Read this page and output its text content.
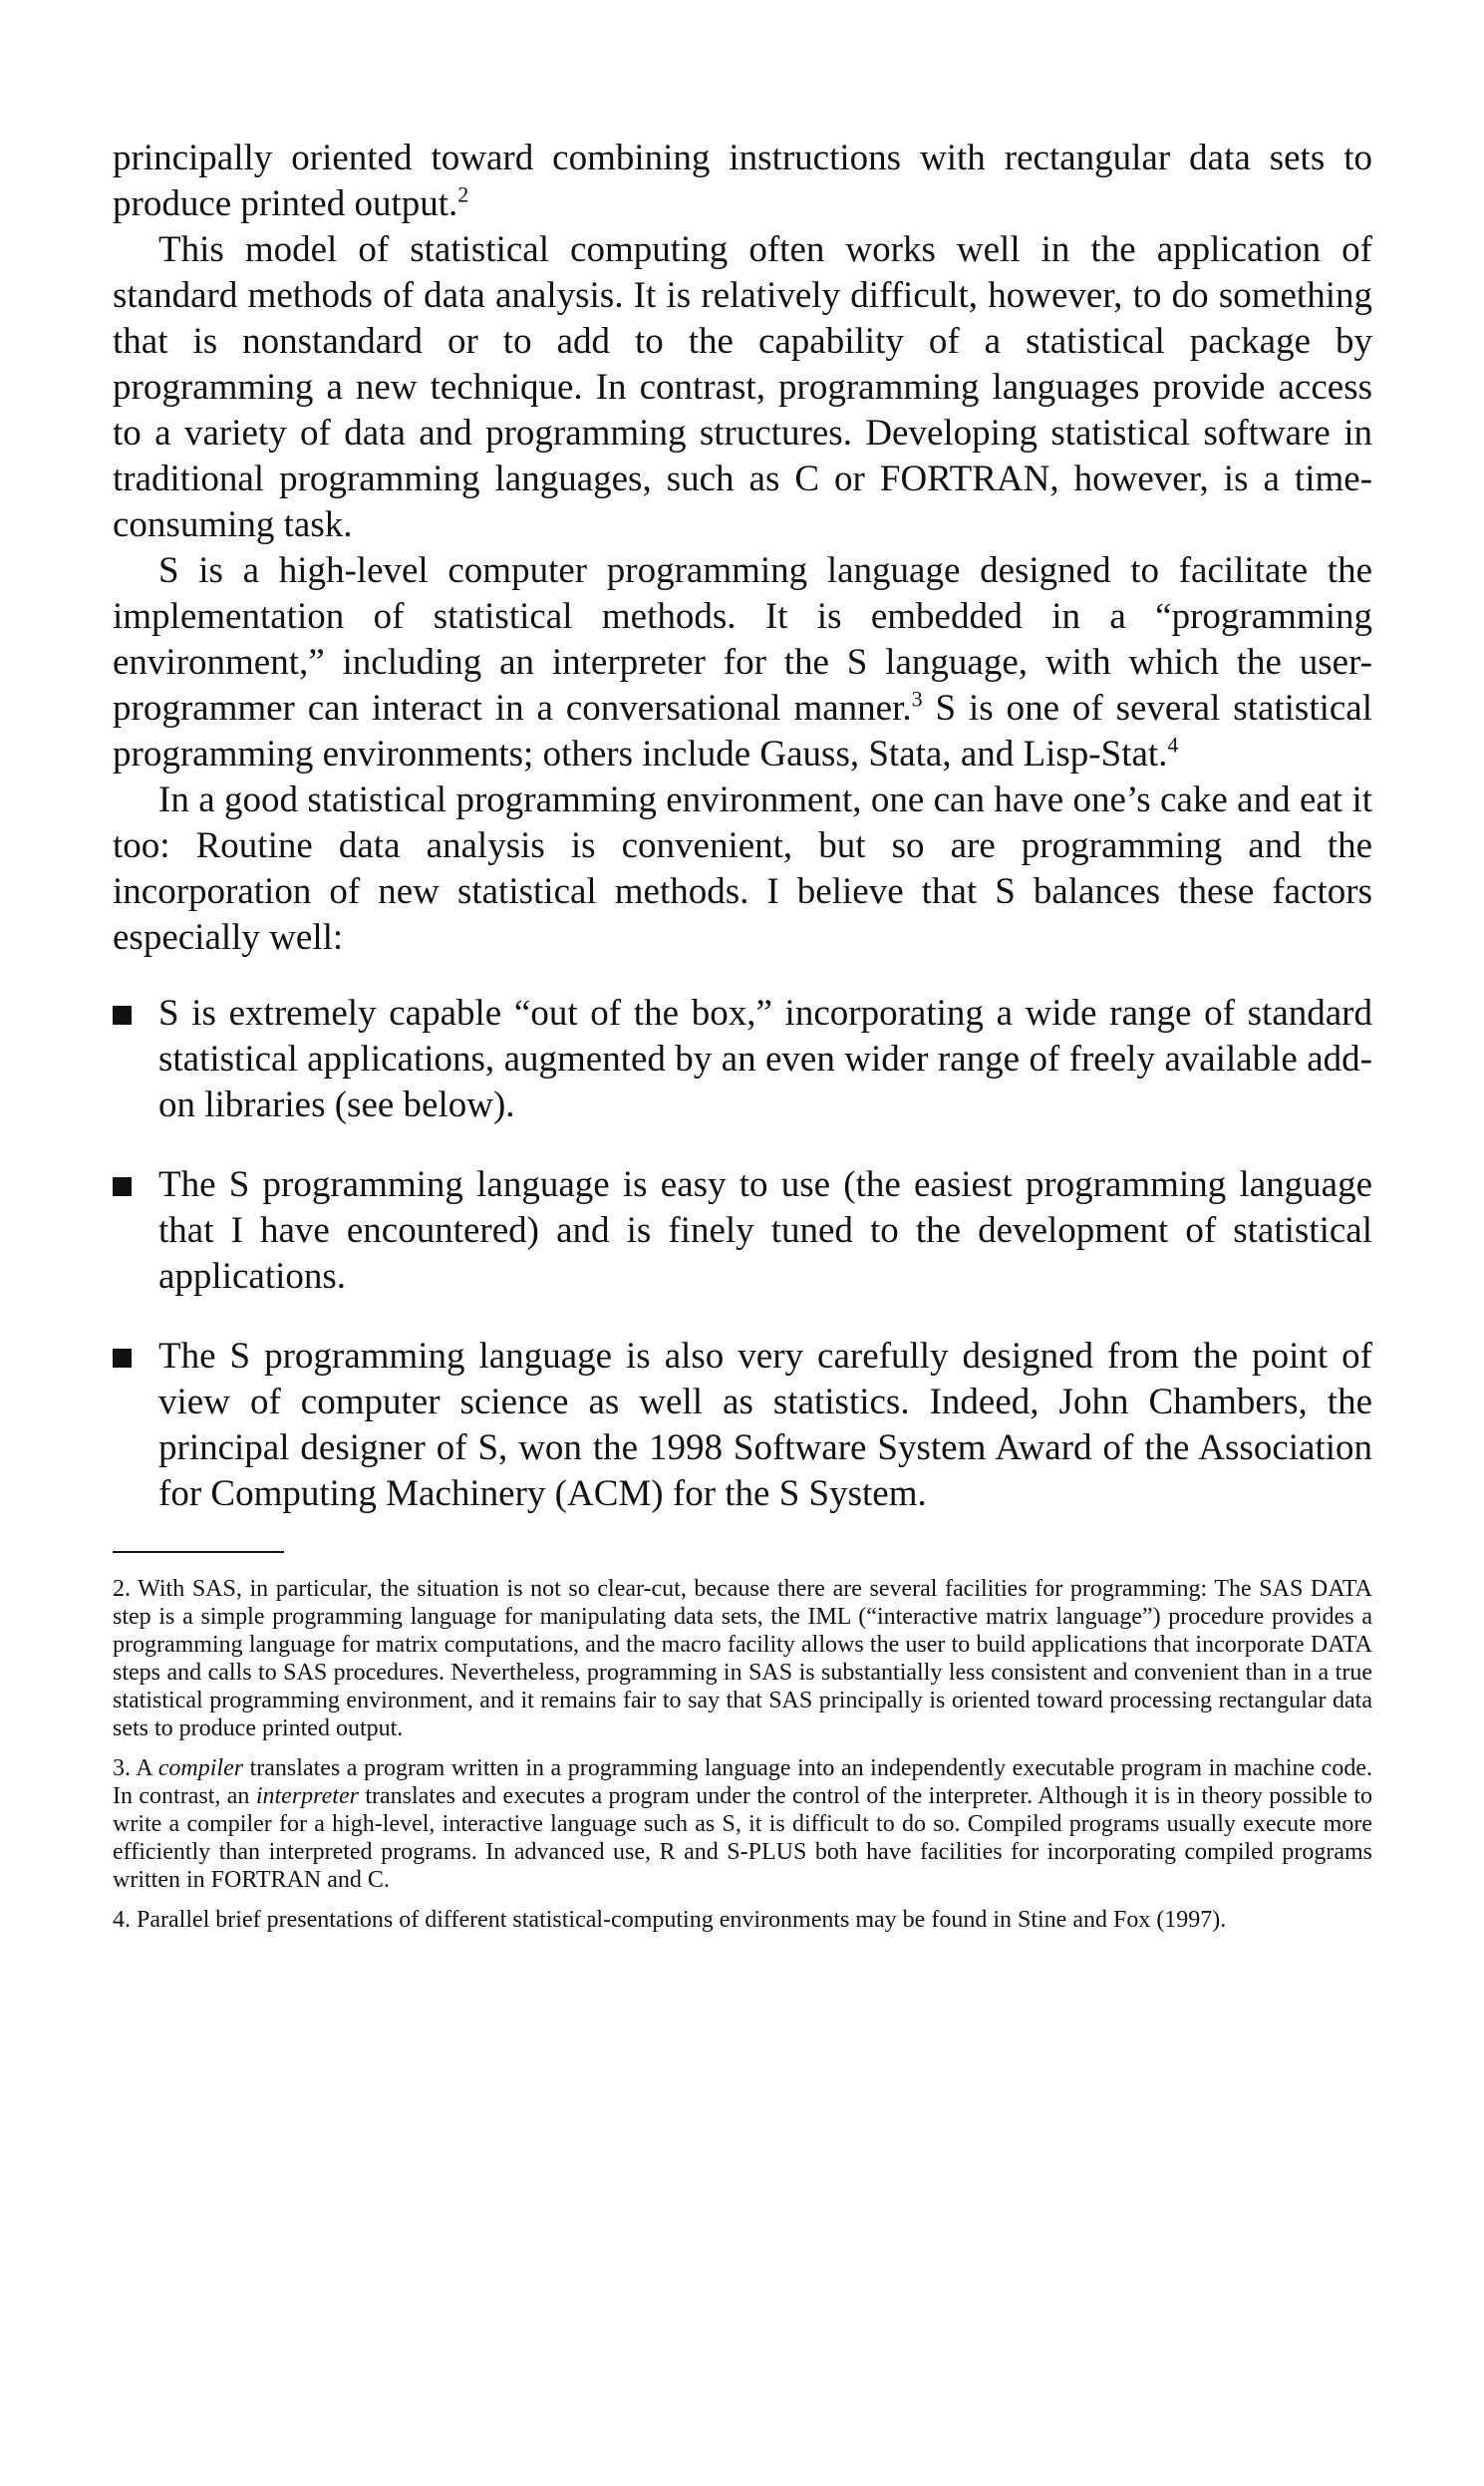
principally oriented toward combining instructions with rectangular data sets to produce printed output.$^2$

This model of statistical computing often works well in the application of standard methods of data analysis. It is relatively difficult, however, to do something that is nonstandard or to add to the capability of a statistical package by programming a new technique. In contrast, programming languages provide access to a variety of data and programming structures. Developing statistical software in traditional programming languages, such as C or FORTRAN, however, is a time-consuming task.

S is a high-level computer programming language designed to facilitate the implementation of statistical methods. It is embedded in a “programming environment,” including an interpreter for the S language, with which the user-programmer can interact in a conversational manner.$^3$ S is one of several statistical programming environments; others include Gauss, Stata, and Lisp-Stat.$^4$

In a good statistical programming environment, one can have one’s cake and eat it too: Routine data analysis is convenient, but so are programming and the incorporation of new statistical methods. I believe that S balances these factors especially well:

S is extremely capable “out of the box,” incorporating a wide range of standard statistical applications, augmented by an even wider range of freely available add-on libraries (see below).
The S programming language is easy to use (the easiest programming language that I have encountered) and is finely tuned to the development of statistical applications.
The S programming language is also very carefully designed from the point of view of computer science as well as statistics. Indeed, John Chambers, the principal designer of S, won the 1998 Software System Award of the Association for Computing Machinery (ACM) for the S System.

2. With SAS, in particular, the situation is not so clear-cut, because there are several facilities for programming: The SAS DATA step is a simple programming language for manipulating data sets, the IML (“interactive matrix language”) procedure provides a programming language for matrix computations, and the macro facility allows the user to build applications that incorporate DATA steps and calls to SAS procedures. Nevertheless, programming in SAS is substantially less consistent and convenient than in a true statistical programming environment, and it remains fair to say that SAS principally is oriented toward processing rectangular data sets to produce printed output.

3. A compiler translates a program written in a programming language into an independently executable program in machine code. In contrast, an interpreter translates and executes a program under the control of the interpreter. Although it is in theory possible to write a compiler for a high-level, interactive language such as S, it is difficult to do so. Compiled programs usually execute more efficiently than interpreted programs. In advanced use, R and S-PLUS both have facilities for incorporating compiled programs written in FORTRAN and C.

4. Parallel brief presentations of different statistical-computing environments may be found in Stine and Fox (1997).
